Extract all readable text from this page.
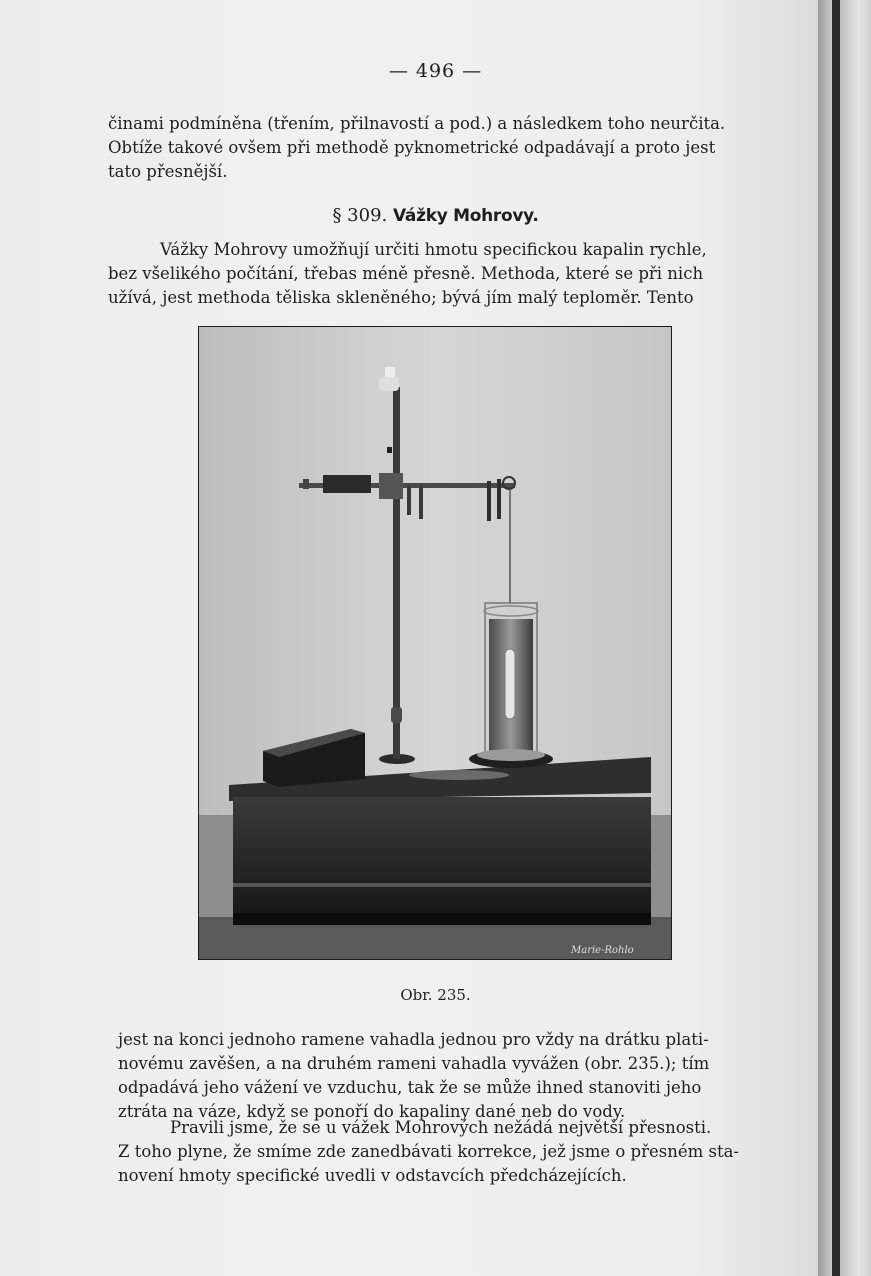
— 496 —
činami podmíněna (třením, přilnavostí a pod.) a následkem toho neurčita.
Obtíže takové ovšem při methodě pyknometrické odpadávají a proto jest
tato přesnější.
§ 309. Vážky Mohrovy.
Vážky Mohrovy umožňují určiti hmotu specifickou kapalin rychle,
bez všelikého počítání, třebas méně přesně. Methoda, které se při nich
užívá, jest methoda těliska skleněného; bývá jím malý teploměr. Tento
Marie-Rohlo
Obr. 235.
jest na konci jednoho ramene vahadla jednou pro vždy na drátku plati-
novému zavěšen, a na druhém rameni vahadla vyvážen (obr. 235.); tím
odpadává jeho vážení ve vzduchu, tak že se může ihned stanoviti jeho
ztráta na váze, když se ponoří do kapaliny dané neb do vody.
Pravili jsme, že se u vážek Mohrových nežádá největší přesnosti.
Z toho plyne, že smíme zde zanedbávati korrekce, jež jsme o přesném sta-
novení hmoty specifické uvedli v odstavcích předcházejících.
